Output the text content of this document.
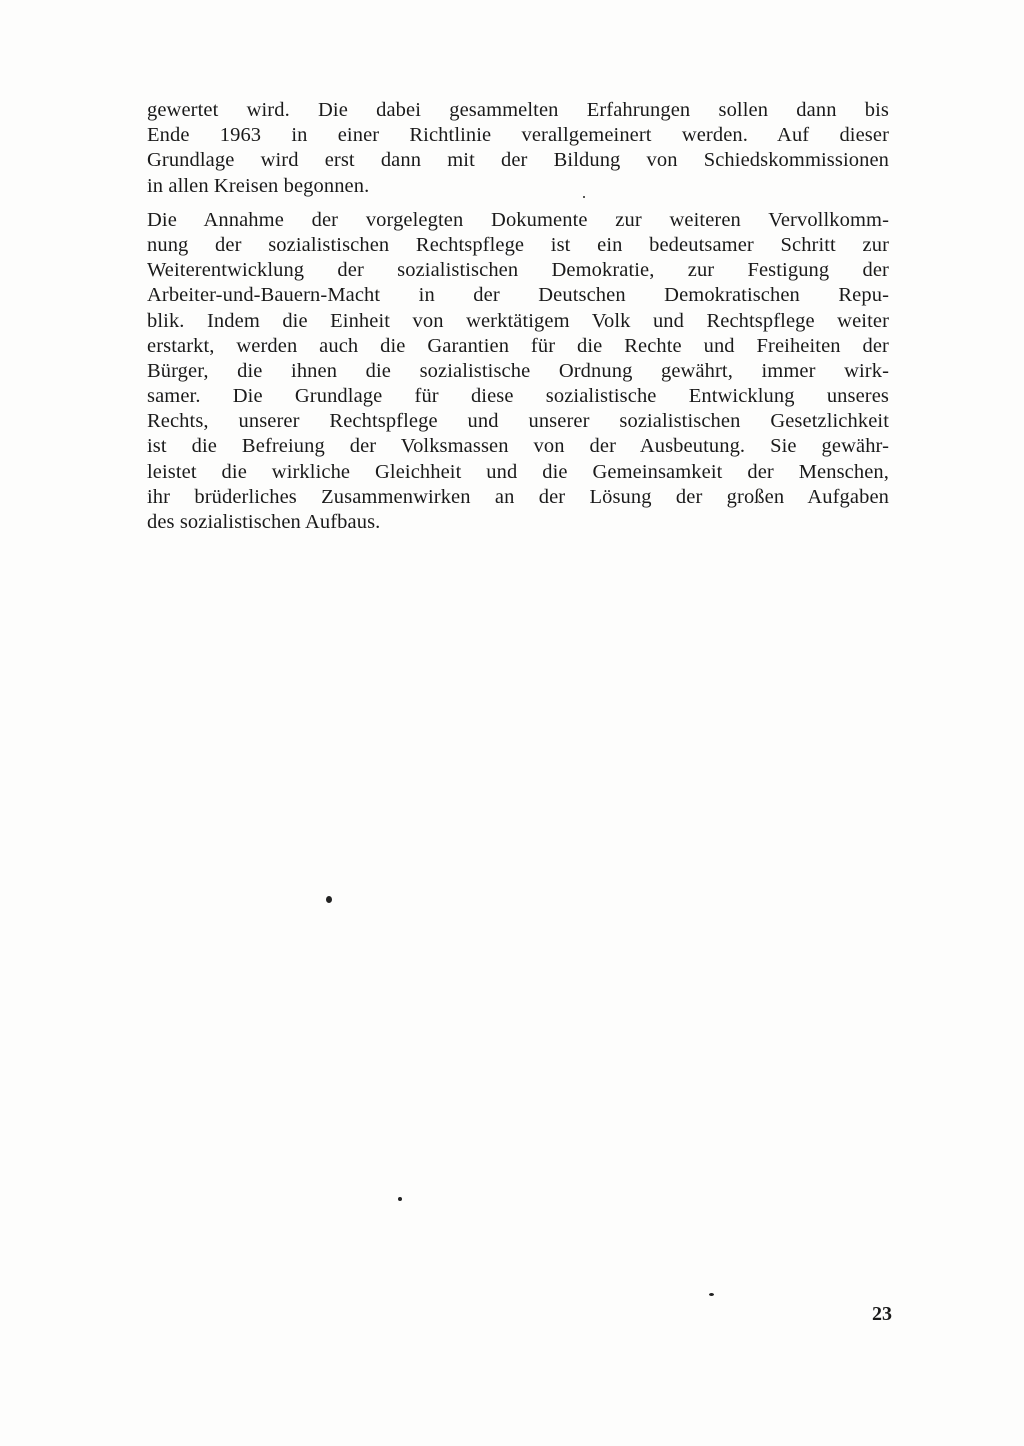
gewertet wird. Die dabei gesammelten Erfahrungen sollen dann bis
Ende 1963 in einer Richtlinie verallgemeinert werden. Auf dieser
Grundlage wird erst dann mit der Bildung von Schiedskommissionen
in allen Kreisen begonnen.
Die Annahme der vorgelegten Dokumente zur weiteren Vervollkomm-
nung der sozialistischen Rechtspflege ist ein bedeutsamer Schritt zur
Weiterentwicklung der sozialistischen Demokratie, zur Festigung der
Arbeiter-und-Bauern-Macht in der Deutschen Demokratischen Repu-
blik. Indem die Einheit von werktätigem Volk und Rechtspflege weiter
erstarkt, werden auch die Garantien für die Rechte und Freiheiten der
Bürger, die ihnen die sozialistische Ordnung gewährt, immer wirk-
samer. Die Grundlage für diese sozialistische Entwicklung unseres
Rechts, unserer Rechtspflege und unserer sozialistischen Gesetzlichkeit
ist die Befreiung der Volksmassen von der Ausbeutung. Sie gewähr-
leistet die wirkliche Gleichheit und die Gemeinsamkeit der Menschen,
ihr brüderliches Zusammenwirken an der Lösung der großen Aufgaben
des sozialistischen Aufbaus.
23
